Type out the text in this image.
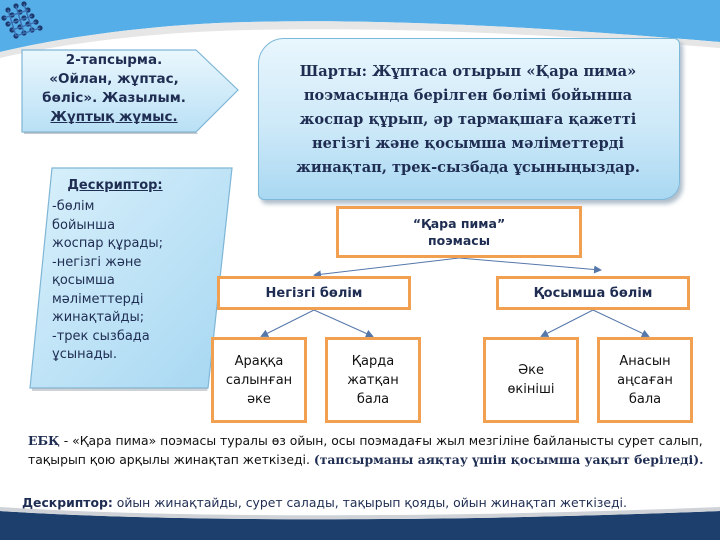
2-тапсырма.
«Ойлан, жұптас,
бөліс». Жазылым.
Жұптық жұмыс.
Шарты: Жұптаса отырып «Қара пима»
поэмасында берілген бөлімі бойынша
жоспар құрып, әр тармақшаға қажетті
негізгі және қосымша мәліметтерді
жинақтап, трек-сызбада ұсыныңыздар.
Дескриптор:
-бөлім
бойынша
жоспар құрады;
-негізгі және
қосымша
мәліметтерді
жинақтайды;
-трек сызбада
ұсынады.
“Қара пима”
поэмасы
Негізгі бөлім	Қосымша бөлім
Араққа
салынған
әке
Қарда
жатқан
бала
Әке
өкініші
Анасын
аңсаған
бала
ЕБҚ - «Қара пима» поэмасы туралы өз ойын, осы поэмадағы жыл мезгіліне байланысты сурет салып, тақырып қою арқылы жинақтап жеткізеді. (тапсырманы аяқтау үшін қосымша уақыт беріледі).
Дескриптор: ойын жинақтайды, сурет салады, тақырып қояды, ойын жинақтап жеткізеді.
